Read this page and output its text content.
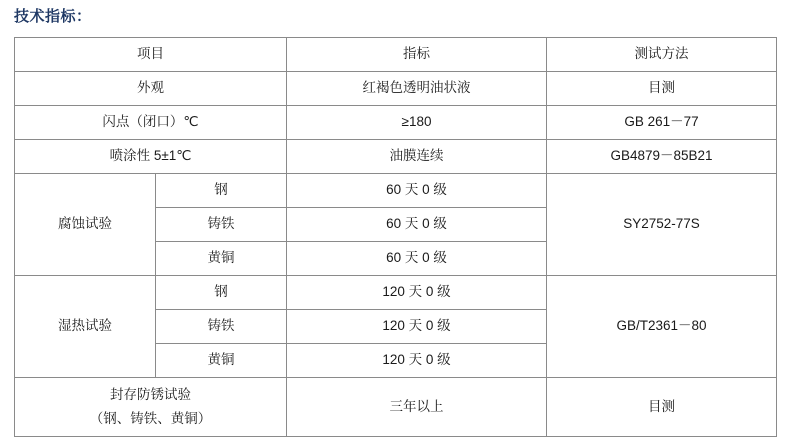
技术指标：
项目		指标	测试方法

外观		红褐色透明油状液	目测

闪点（闭口）℃		≥180	GB 261－77

喷涂性 5±1℃		油膜连续	GB4879－85B21

腐蚀试验	钢	60 天 0 级	SY2752-77S

	铸铁	60 天 0 级	

	黄铜	60 天 0 级	

湿热试验	钢	120 天 0 级	GB/T2361－80

	铸铁	120 天 0 级	

	黄铜	120 天 0 级	

封存防锈试验
（钢、铸铁、黄铜）		三年以上	目测
